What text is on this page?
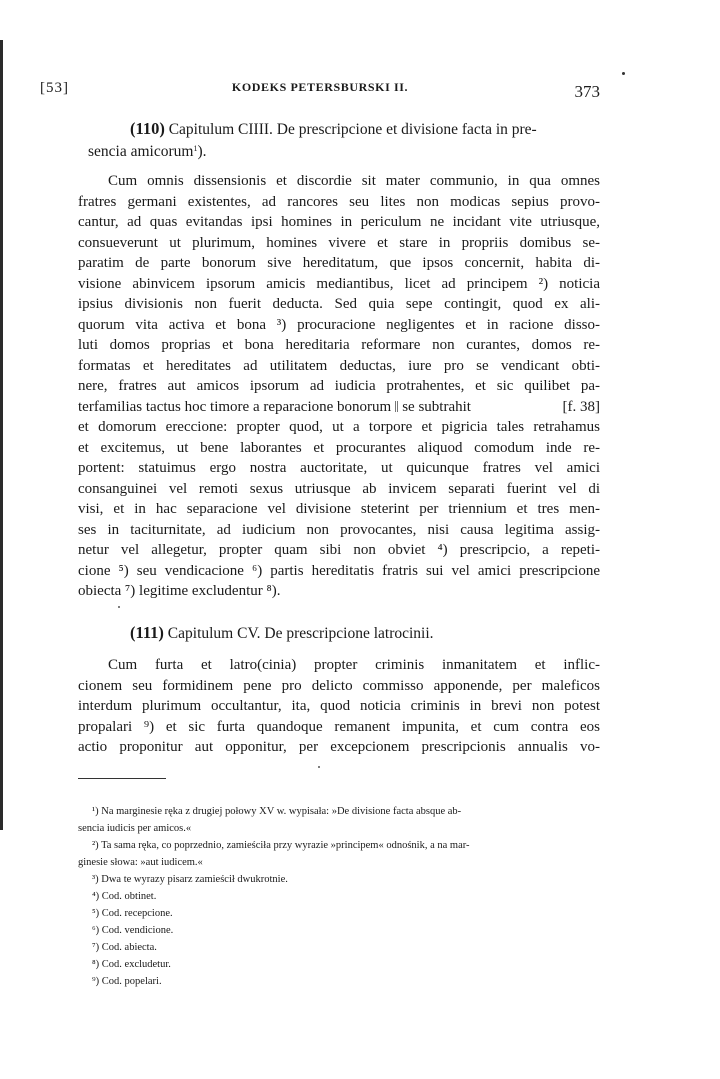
[53]	KODEKS PETERSBURSKI II.	373
(110) Capitulum CIIII. De prescripcione et divisione facta in pre-
sencia amicorum$^1$).
Cum omnis dissensionis et discordie sit mater communio, in qua omnes
fratres germani existentes, ad rancores seu lites non modicas sepius provo-
cantur, ad quas evitandas ipsi homines in periculum ne incidant vite utriusque,
consueverunt ut plurimum, homines vivere et stare in propriis domibus se-
paratim de parte bonorum sive hereditatum, que ipsos concernit, habita di-
visione abinvicem ipsorum amicis mediantibus, licet ad principem ²) noticia
ipsius divisionis non fuerit deducta. Sed quia sepe contingit, quod ex ali-
quorum vita activa et bona ³) procuracione negligentes et in racione disso-
luti domos proprias et bona hereditaria reformare non curantes, domos re-
formatas et hereditates ad utilitatem deductas, iure pro se vendicant obti-
nere, fratres aut amicos ipsorum ad iudicia protrahentes, et sic quilibet pa-
terfamilias tactus hoc timore a reparacione bonorum se subtrahit	[f. 38]
et domorum ereccione: propter quod, ut a torpore et pigricia tales retrahamus
et excitemus, ut bene laborantes et procurantes aliquod comodum inde re-
portent: statuimus ergo nostra auctoritate, ut quicunque fratres vel amici
consanguinei vel remoti sexus utriusque ab invicem separati fuerint vel di
visi, et in hac separacione vel divisione steterint per triennium et tres men-
ses in taciturnitate, ad iudicium non provocantes, nisi causa legitima assig-
netur vel allegetur, propter quam sibi non obviet ⁴) prescripcio, a repeti-
cione ⁵) seu vendicacione ⁶) partis hereditatis fratris sui vel amici prescripcione
obiecta ⁷) legitime excludentur ⁸).
(111) Capitulum CV. De prescripcione latrocinii.
Cum furta et latro(cinia) propter criminis inmanitatem et inflic-
cionem seu formidinem pene pro delicto commisso apponende, per maleficos
interdum plurimum occultantur, ita, quod noticia criminis in brevi non potest
propalari ⁹) et sic furta quandoque remanent impunita, et cum contra eos
actio proponitur aut opponitur, per excepcionem prescripcionis annualis vo-
¹) Na marginesie ręka z drugiej połowy XV w. wypisała: »De divisione facta absque ab-
sencia iudicis per amicos.«
²) Ta sama ręka, co poprzednio, zamieściła przy wyrazie »principem« odnośnik, a na mar-
ginesie słowa: »aut iudicem.«
³) Dwa te wyrazy pisarz zamieścił dwukrotnie.
⁴) Cod. obtinet.
⁵) Cod. recepcione.
⁶) Cod. vendicione.
⁷) Cod. abiecta.
⁸) Cod. excludetur.
⁹) Cod. popelari.
